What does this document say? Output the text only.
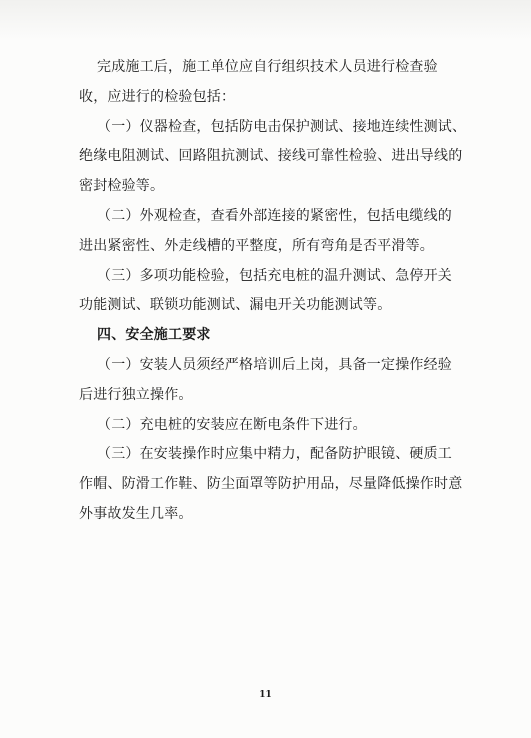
完成施工后，施工单位应自行组织技术人员进行检查验
收，应进行的检验包括：
（一）仪器检查，包括防电击保护测试、接地连续性测试、
绝缘电阻测试、回路阻抗测试、接线可靠性检验、进出导线的
密封检验等。
（二）外观检查，查看外部连接的紧密性，包括电缆线的
进出紧密性、外走线槽的平整度，所有弯角是否平滑等。
（三）多项功能检验，包括充电桩的温升测试、急停开关
功能测试、联锁功能测试、漏电开关功能测试等。
四、安全施工要求
（一）安装人员须经严格培训后上岗，具备一定操作经验
后进行独立操作。
（二）充电桩的安装应在断电条件下进行。
（三）在安装操作时应集中精力，配备防护眼镜、硬质工
作帽、防滑工作鞋、防尘面罩等防护用品，尽量降低操作时意
外事故发生几率。
11
